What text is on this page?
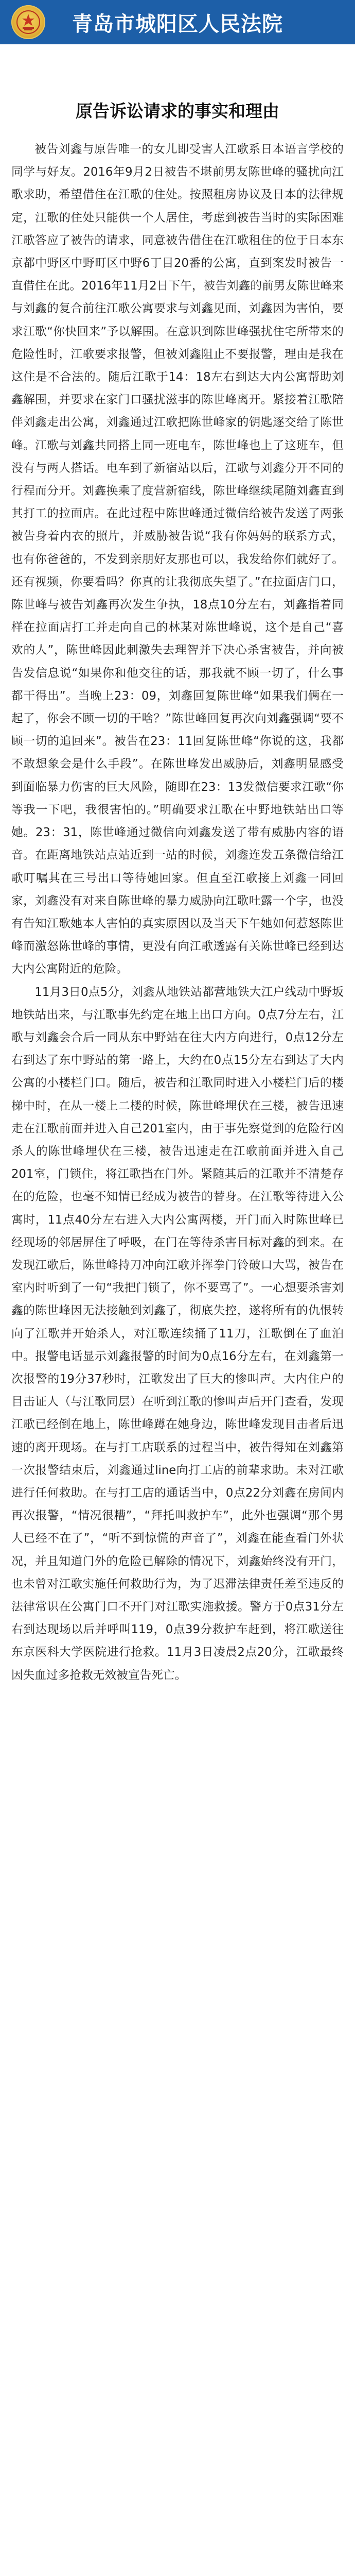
青岛市城阳区人民法院
原告诉讼请求的事实和理由

被告刘鑫与原告唯一的女儿即受害人江歌系日本语言学校的同学与好友。2016年9月2日被告不堪前男友陈世峰的骚扰向江歌求助，希望借住在江歌的住处。按照租房协议及日本的法律规定，江歌的住处只能供一个人居住，考虑到被告当时的实际困难江歌答应了被告的请求，同意被告借住在江歌租住的位于日本东京都中野区中野町区中野6丁目20番的公寓，直到案发时被告一直借住在此。2016年11月2日下午，被告刘鑫的前男友陈世峰来与刘鑫的复合前往江歌公寓要求与刘鑫见面，刘鑫因为害怕，要求江歌“你快回来”予以解围。在意识到陈世峰强扰住宅所带来的危险性时，江歌要求报警，但被刘鑫阻止不要报警，理由是我在这住是不合法的。随后江歌于14：18左右到达大内公寓帮助刘鑫解围，并要求在家门口骚扰滋事的陈世峰离开。紧接着江歌陪伴刘鑫走出公寓，刘鑫通过江歌把陈世峰家的钥匙逐交给了陈世峰。江歌与刘鑫共同搭上同一班电车，陈世峰也上了这班车，但没有与两人搭话。电车到了新宿站以后，江歌与刘鑫分开不同的行程而分开。刘鑫换乘了度营新宿线，陈世峰继续尾随刘鑫直到其打工的拉面店。在此过程中陈世峰通过微信给被告发送了两张被告身着内衣的照片，并威胁被告说“我有你妈妈的联系方式，也有你爸爸的，不发到亲朋好友那也可以，我发给你们就好了。还有视频，你要看吗？你真的让我彻底失望了。”在拉面店门口，陈世峰与被告刘鑫再次发生争执，18点10分左右，刘鑫指着同样在拉面店打工并走向自己的林某对陈世峰说，这个是自己“喜欢的人”，陈世峰因此刺激失去理智并下决心杀害被告，并向被告发信息说“如果你和他交往的话，那我就不顾一切了，什么事都干得出”。当晚上23：09，刘鑫回复陈世峰“如果我们俩在一起了，你会不顾一切的干啥？”陈世峰回复再次向刘鑫强调“要不顾一切的追回来”。被告在23：11回复陈世峰“你说的这，我都不敢想象会是什么手段”。在陈世峰发出威胁后，刘鑫明显感受到面临暴力伤害的巨大风险，随即在23：13发微信要求江歌“你等我一下吧，我很害怕的。”明确要求江歌在中野地铁站出口等她。23：31，陈世峰通过微信向刘鑫发送了带有威胁内容的语音。在距离地铁站点站近到一站的时候，刘鑫连发五条微信给江歌叮嘱其在三号出口等待她回家。但直至江歌接上刘鑫一同回家，刘鑫没有对来自陈世峰的暴力威胁向江歌吐露一个字，也没有告知江歌她本人害怕的真实原因以及当天下午她如何惹怒陈世峰而激怒陈世峰的事情，更没有向江歌透露有关陈世峰已经到达大内公寓附近的危险。

11月3日0点5分，刘鑫从地铁站都营地铁大江户线动中野坂地铁站出来，与江歌事先约定在地上出口方向。0点7分左右，江歌与刘鑫会合后一同从东中野站在往大内方向进行，0点12分左右到达了东中野站的第一路上，大约在0点15分左右到达了大内公寓的小楼栏门口。随后，被告和江歌同时进入小楼栏门后的楼梯中时，在从一楼上二楼的时候，陈世峰埋伏在三楼，被告迅速走在江歌前面并进入自己201室内，由于事先察觉到的危险行凶杀人的陈世峰埋伏在三楼，被告迅速走在江歌前面并进入自己201室，门锁住，将江歌挡在门外。紧随其后的江歌并不清楚存在的危险，也毫不知情已经成为被告的替身。在江歌等待进入公寓时，11点40分左右进入大内公寓两楼，开门而入时陈世峰已经现场的邻居屏住了呼吸，在门在等待杀害目标对鑫的到来。在发现江歌后，陈世峰持刀冲向江歌并挥拳门铃破口大骂，被告在室内时听到了一句“我把门锁了，你不要骂了”。一心想要杀害刘鑫的陈世峰因无法接触到刘鑫了，彻底失控，遂将所有的仇恨转向了江歌并开始杀人，对江歌连续捅了11刀，江歌倒在了血泊中。报警电话显示刘鑫报警的时间为0点16分左右，在刘鑫第一次报警的19分37秒时，江歌发出了巨大的惨叫声。大内住户的目击证人（与江歌同层）在听到江歌的惨叫声后开门查看，发现江歌已经倒在地上，陈世峰蹲在她身边，陈世峰发现目击者后迅速的离开现场。在与打工店联系的过程当中，被告得知在刘鑫第一次报警结束后，刘鑫通过line向打工店的前辈求助。未对江歌进行任何救助。在与打工店的通话当中，0点22分刘鑫在房间内再次报警，“情况很糟”，“拜托叫救护车”，此外也强调“那个男人已经不在了”，“听不到惊慌的声音了”，刘鑫在能查看门外状况，并且知道门外的危险已解除的情况下，刘鑫始终没有开门，也未曾对江歌实施任何救助行为，为了迟滞法律责任差至违反的法律常识在公寓门口不开门对江歌实施救援。警方于0点31分左右到达现场以后并呼叫119，0点39分救护车赶到，将江歌送往东京医科大学医院进行抢救。11月3日凌晨2点20分，江歌最终因失血过多抢救无效被宣告死亡。
